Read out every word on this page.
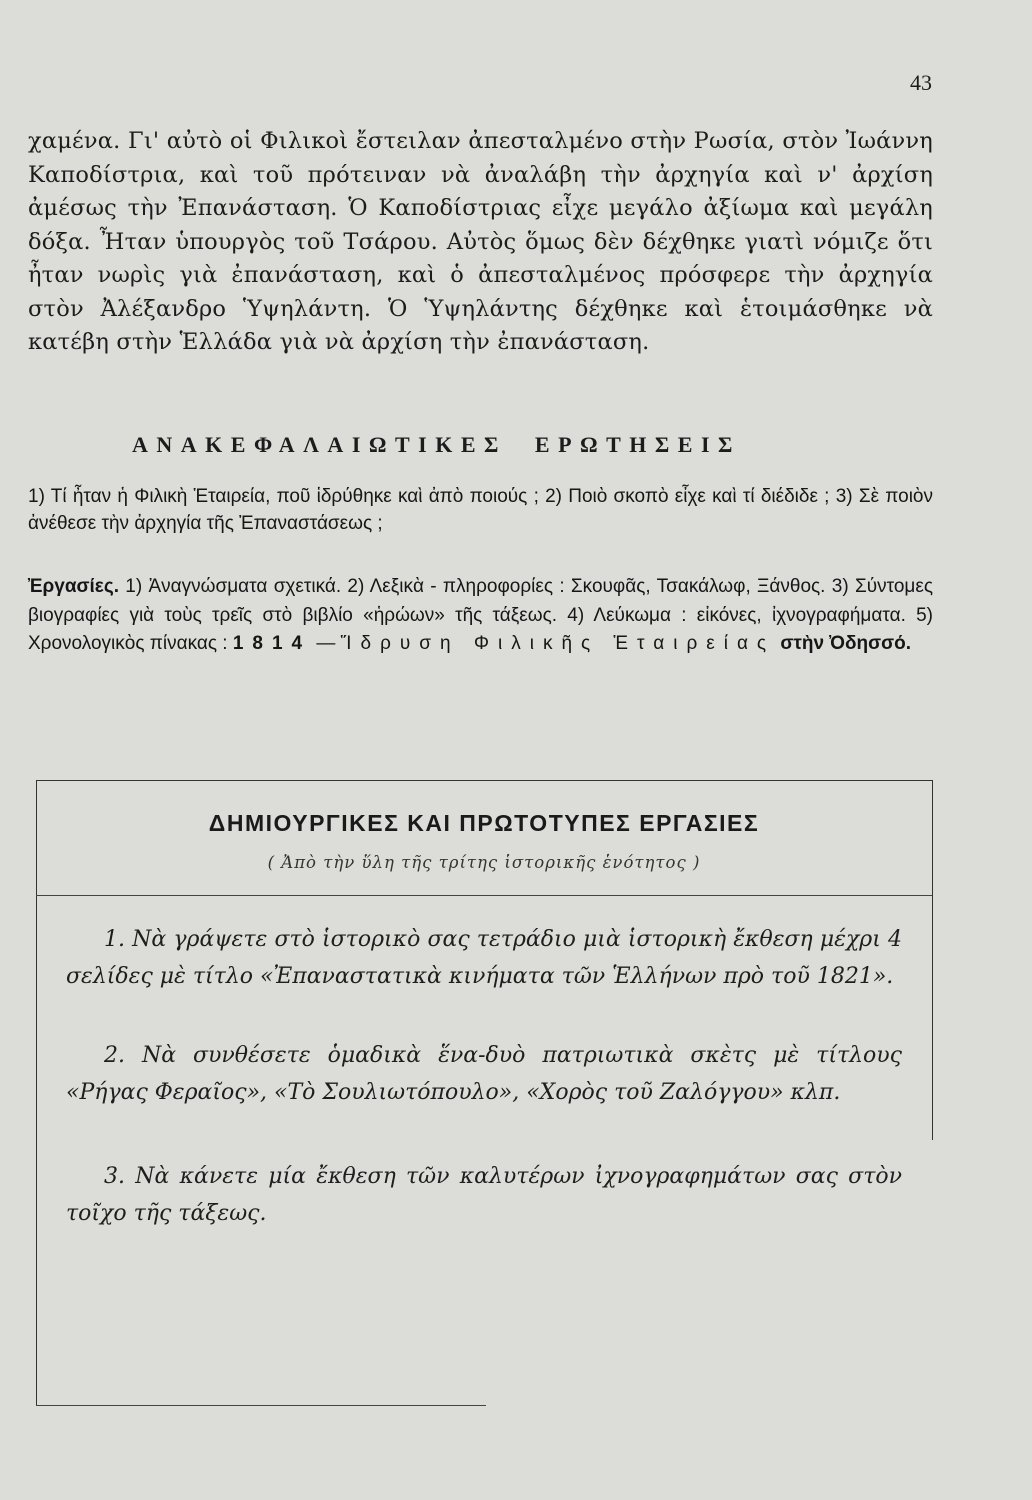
43

χαμένα. Γι' αὐτὸ οἱ Φιλικοὶ ἔστειλαν ἀπεσταλμένο στὴν Ρωσία, στὸν Ἰωάννη Καποδίστρια, καὶ τοῦ πρότειναν νὰ ἀναλάβη τὴν ἀρχηγία καὶ ν' ἀρχίση ἀμέσως τὴν Ἐπανάσταση. Ὁ Καποδίστριας εἶχε μεγάλο ἀξίωμα καὶ μεγάλη δόξα. Ἦταν ὑπουργὸς τοῦ Τσάρου. Αὐτὸς ὅμως δὲν δέχθηκε γιατὶ νόμιζε ὅτι ἦταν νωρὶς γιὰ ἐπανάσταση, καὶ ὁ ἀπεσταλμένος πρόσφερε τὴν ἀρχηγία στὸν Ἀλέξανδρο Ὑψηλάντη. Ὁ Ὑψηλάντης δέχθηκε καὶ ἑτοιμάσθηκε νὰ κατέβη στὴν Ἑλλάδα γιὰ νὰ ἀρχίση τὴν ἐπανάσταση.

ΑΝΑΚΕΦΑΛΑΙΩΤΙΚΕΣ ΕΡΩΤΗΣΕΙΣ

1) Τί ἦταν ἡ Φιλικὴ Ἑταιρεία, ποῦ ἱδρύθηκε καὶ ἀπὸ ποιούς ; 2) Ποιὸ σκοπὸ εἶχε καὶ τί διέδιδε ; 3) Σὲ ποιὸν ἀνέθεσε τὴν ἀρχηγία τῆς Ἐπαναστάσεως ;

Ἐργασίες. 1) Ἀναγνώσματα σχετικά. 2) Λεξικὰ - πληροφορίες : Σκουφᾶς, Τσακάλωφ, Ξάνθος. 3) Σύντομες βιογραφίες γιὰ τοὺς τρεῖς στὸ βιβλίο «ἡρώων» τῆς τάξεως. 4) Λεύκωμα : εἰκόνες, ἰχνογραφήματα. 5) Χρονολογικὸς πίνακας : 1814 — Ἵδρυση Φιλικῆς Ἑταιρείας στὴν Ὀδησσό.

ΔΗΜΙΟΥΡΓΙΚΕΣ ΚΑΙ ΠΡΩΤΟΤΥΠΕΣ ΕΡΓΑΣΙΕΣ

( Ἀπὸ τὴν ὕλη τῆς τρίτης ἱστορικῆς ἑνότητος )

1. Νὰ γράψετε στὸ ἱστορικὸ σας τετράδιο μιὰ ἱστορικὴ ἔκθεση μέχρι 4 σελίδες μὲ τίτλο «Ἐπαναστατικὰ κινήματα τῶν Ἑλλήνων πρὸ τοῦ 1821».

2. Νὰ συνθέσετε ὁμαδικὰ ἕνα-δυὸ πατριωτικὰ σκὲτς μὲ τίτλους «Ρήγας Φεραῖος», «Τὸ Σουλιωτόπουλο», «Χορὸς τοῦ Ζαλόγγου» κλπ.

3. Νὰ κάνετε μία ἔκθεση τῶν καλυτέρων ἰχνογραφημάτων σας στὸν τοῖχο τῆς τάξεως.
